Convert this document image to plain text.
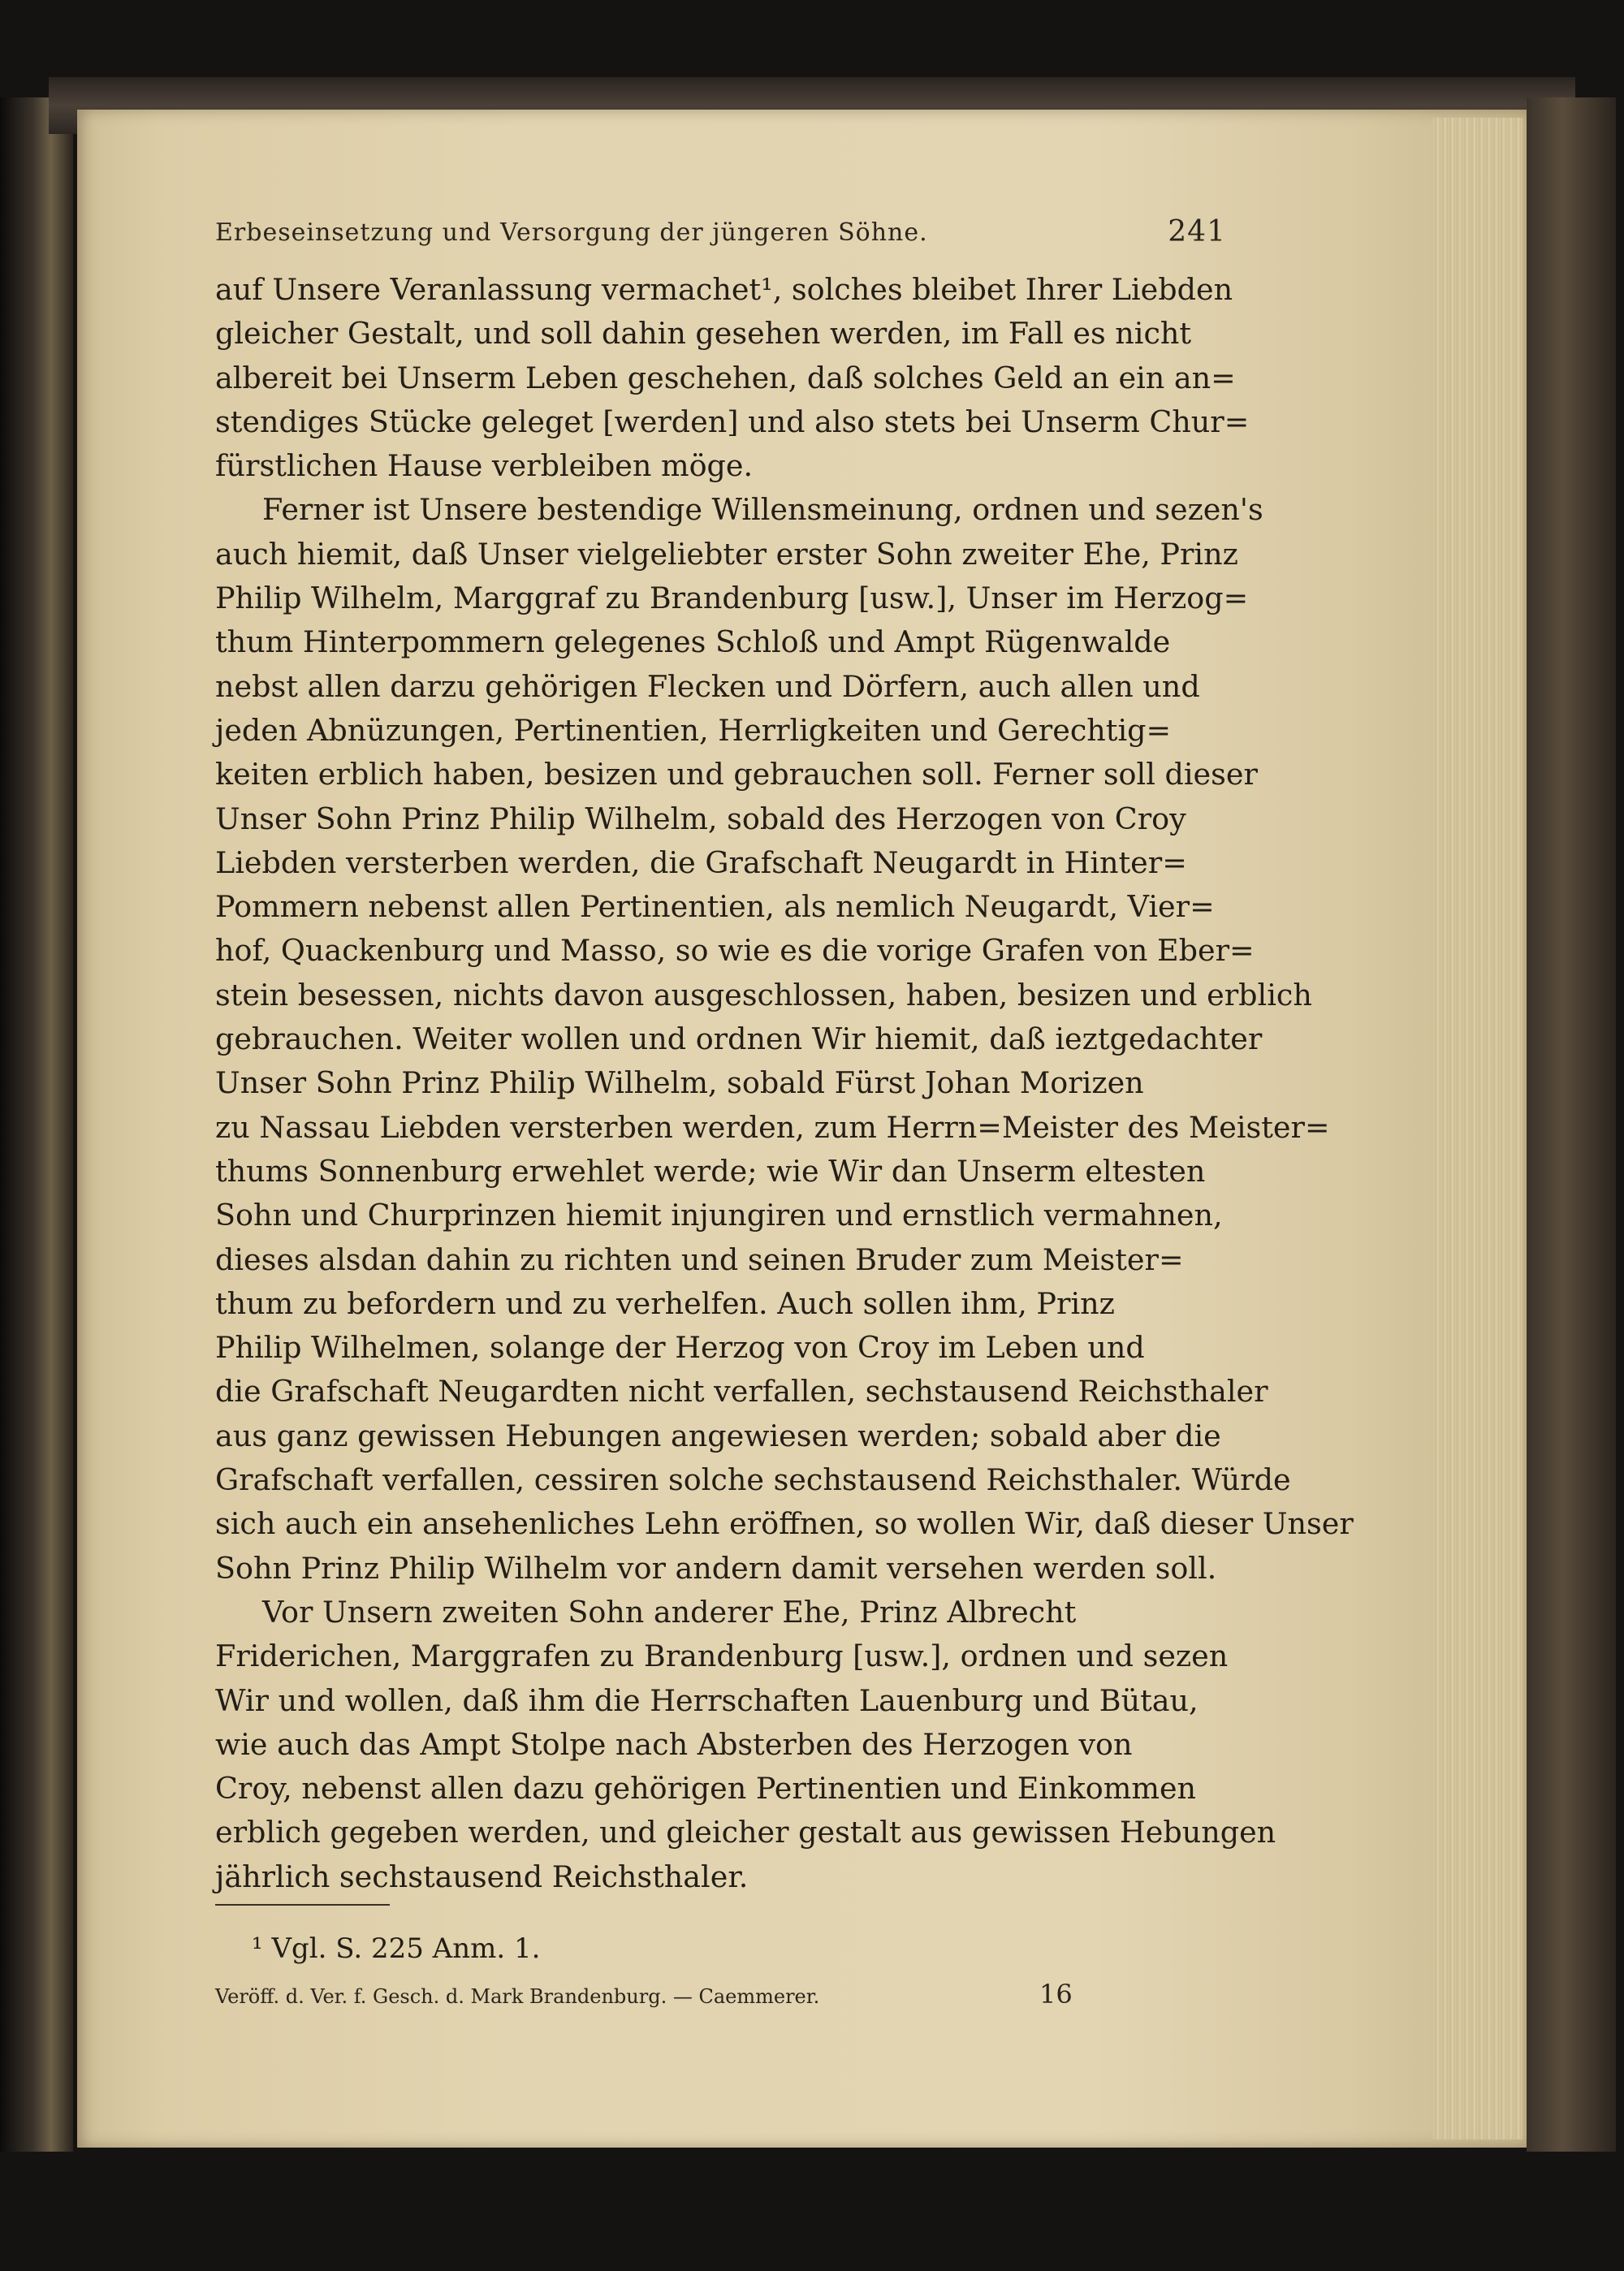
Erbeseinsetzung und Versorgung der jüngeren Söhne.	241
auf Unsere Veranlassung vermachet¹, solches bleibet Ihrer Liebden
gleicher Gestalt, und soll dahin gesehen werden, im Fall es nicht
albereit bei Unserm Leben geschehen, daß solches Geld an ein an=
stendiges Stücke geleget [werden] und also stets bei Unserm Chur=
fürstlichen Hause verbleiben möge.
Ferner ist Unsere bestendige Willensmeinung, ordnen und sezen's
auch hiemit, daß Unser vielgeliebter erster Sohn zweiter Ehe, Prinz
Philip Wilhelm, Marggraf zu Brandenburg [usw.], Unser im Herzog=
thum Hinterpommern gelegenes Schloß und Ampt Rügenwalde
nebst allen darzu gehörigen Flecken und Dörfern, auch allen und
jeden Abnüzungen, Pertinentien, Herrligkeiten und Gerechtig=
keiten erblich haben, besizen und gebrauchen soll. Ferner soll dieser
Unser Sohn Prinz Philip Wilhelm, sobald des Herzogen von Croy
Liebden versterben werden, die Grafschaft Neugardt in Hinter=
Pommern nebenst allen Pertinentien, als nemlich Neugardt, Vier=
hof, Quackenburg und Masso, so wie es die vorige Grafen von Eber=
stein besessen, nichts davon ausgeschlossen, haben, besizen und erblich
gebrauchen. Weiter wollen und ordnen Wir hiemit, daß ieztgedachter
Unser Sohn Prinz Philip Wilhelm, sobald Fürst Johan Morizen
zu Nassau Liebden versterben werden, zum Herrn=Meister des Meister=
thums Sonnenburg erwehlet werde; wie Wir dan Unserm eltesten
Sohn und Churprinzen hiemit injungiren und ernstlich vermahnen,
dieses alsdan dahin zu richten und seinen Bruder zum Meister=
thum zu befordern und zu verhelfen. Auch sollen ihm, Prinz
Philip Wilhelmen, solange der Herzog von Croy im Leben und
die Grafschaft Neugardten nicht verfallen, sechstausend Reichsthaler
aus ganz gewissen Hebungen angewiesen werden; sobald aber die
Grafschaft verfallen, cessiren solche sechstausend Reichsthaler. Würde
sich auch ein ansehenliches Lehn eröffnen, so wollen Wir, daß dieser Unser
Sohn Prinz Philip Wilhelm vor andern damit versehen werden soll.
Vor Unsern zweiten Sohn anderer Ehe, Prinz Albrecht
Friderichen, Marggrafen zu Brandenburg [usw.], ordnen und sezen
Wir und wollen, daß ihm die Herrschaften Lauenburg und Bütau,
wie auch das Ampt Stolpe nach Absterben des Herzogen von
Croy, nebenst allen dazu gehörigen Pertinentien und Einkommen
erblich gegeben werden, und gleicher gestalt aus gewissen Hebungen
jährlich sechstausend Reichsthaler.
¹ Vgl. S. 225 Anm. 1.
Veröff. d. Ver. f. Gesch. d. Mark Brandenburg. — Caemmerer.	16
